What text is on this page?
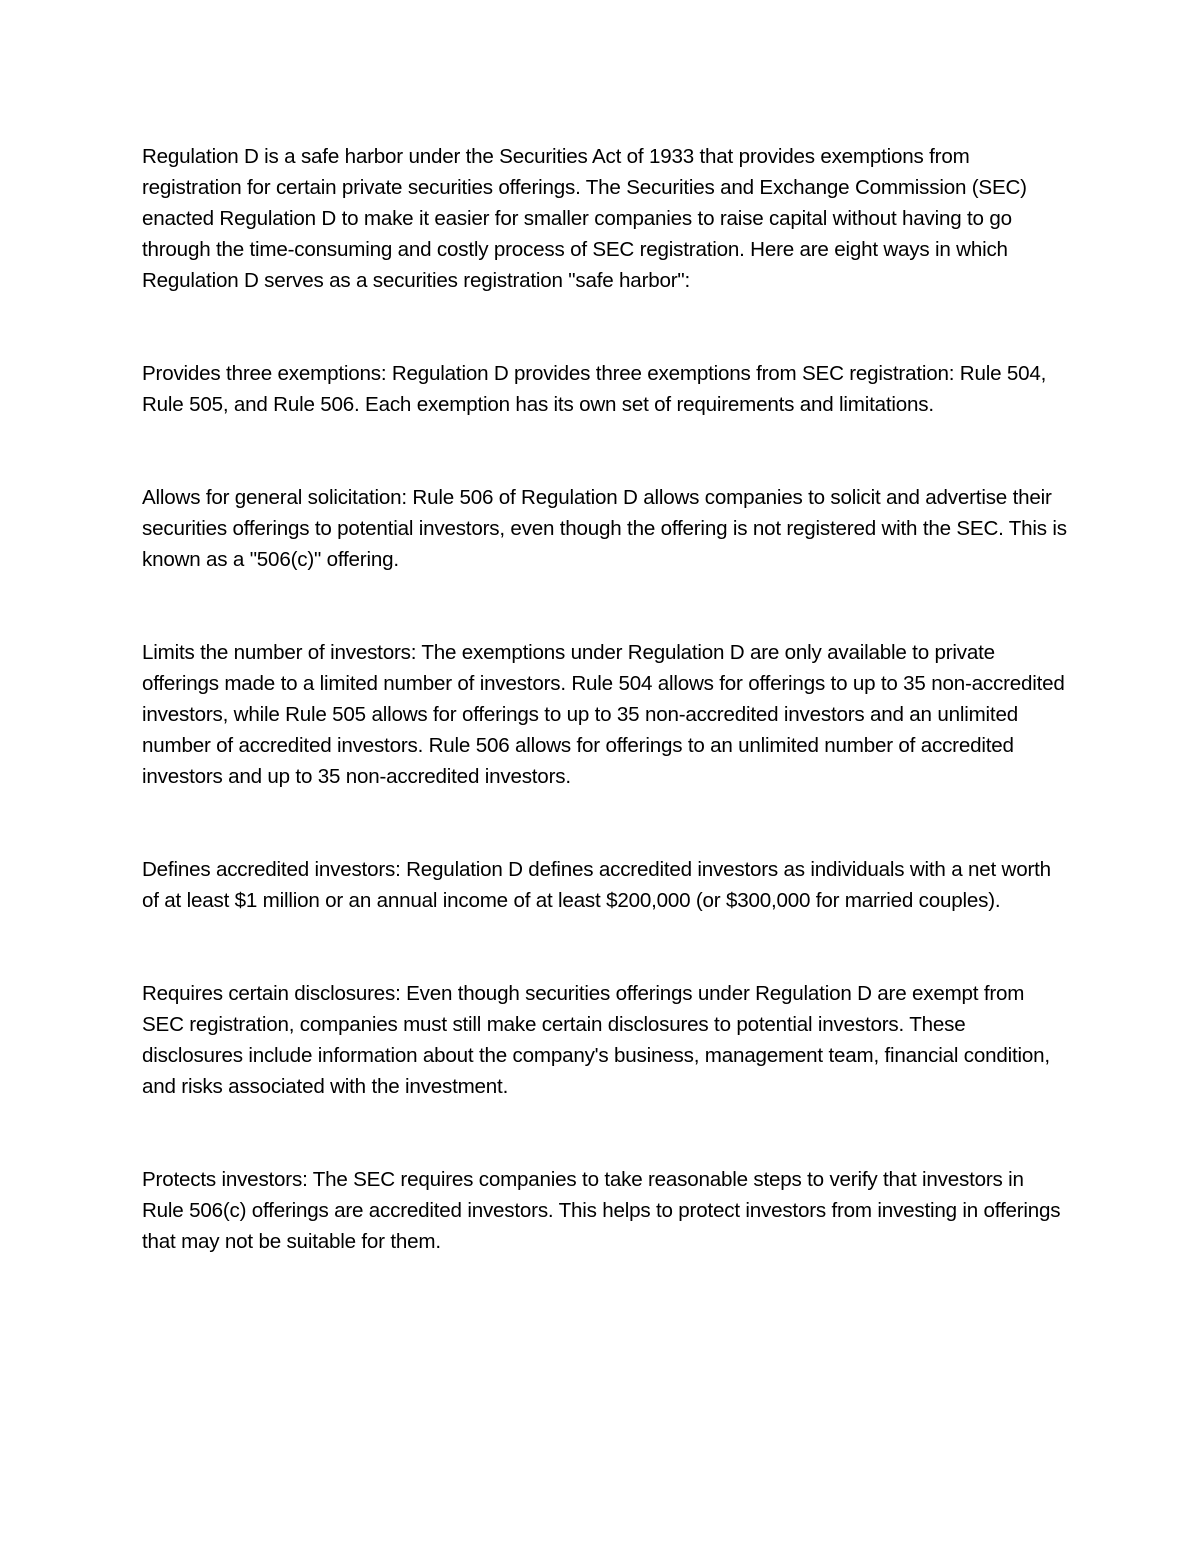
Regulation D is a safe harbor under the Securities Act of 1933 that provides exemptions from registration for certain private securities offerings. The Securities and Exchange Commission (SEC) enacted Regulation D to make it easier for smaller companies to raise capital without having to go through the time-consuming and costly process of SEC registration. Here are eight ways in which Regulation D serves as a securities registration "safe harbor":

Provides three exemptions: Regulation D provides three exemptions from SEC registration: Rule 504, Rule 505, and Rule 506. Each exemption has its own set of requirements and limitations.

Allows for general solicitation: Rule 506 of Regulation D allows companies to solicit and advertise their securities offerings to potential investors, even though the offering is not registered with the SEC. This is known as a "506(c)" offering.

Limits the number of investors: The exemptions under Regulation D are only available to private offerings made to a limited number of investors. Rule 504 allows for offerings to up to 35 non-accredited investors, while Rule 505 allows for offerings to up to 35 non-accredited investors and an unlimited number of accredited investors. Rule 506 allows for offerings to an unlimited number of accredited investors and up to 35 non-accredited investors.

Defines accredited investors: Regulation D defines accredited investors as individuals with a net worth of at least $1 million or an annual income of at least $200,000 (or $300,000 for married couples).

Requires certain disclosures: Even though securities offerings under Regulation D are exempt from SEC registration, companies must still make certain disclosures to potential investors. These disclosures include information about the company's business, management team, financial condition, and risks associated with the investment.

Protects investors: The SEC requires companies to take reasonable steps to verify that investors in Rule 506(c) offerings are accredited investors. This helps to protect investors from investing in offerings that may not be suitable for them.
